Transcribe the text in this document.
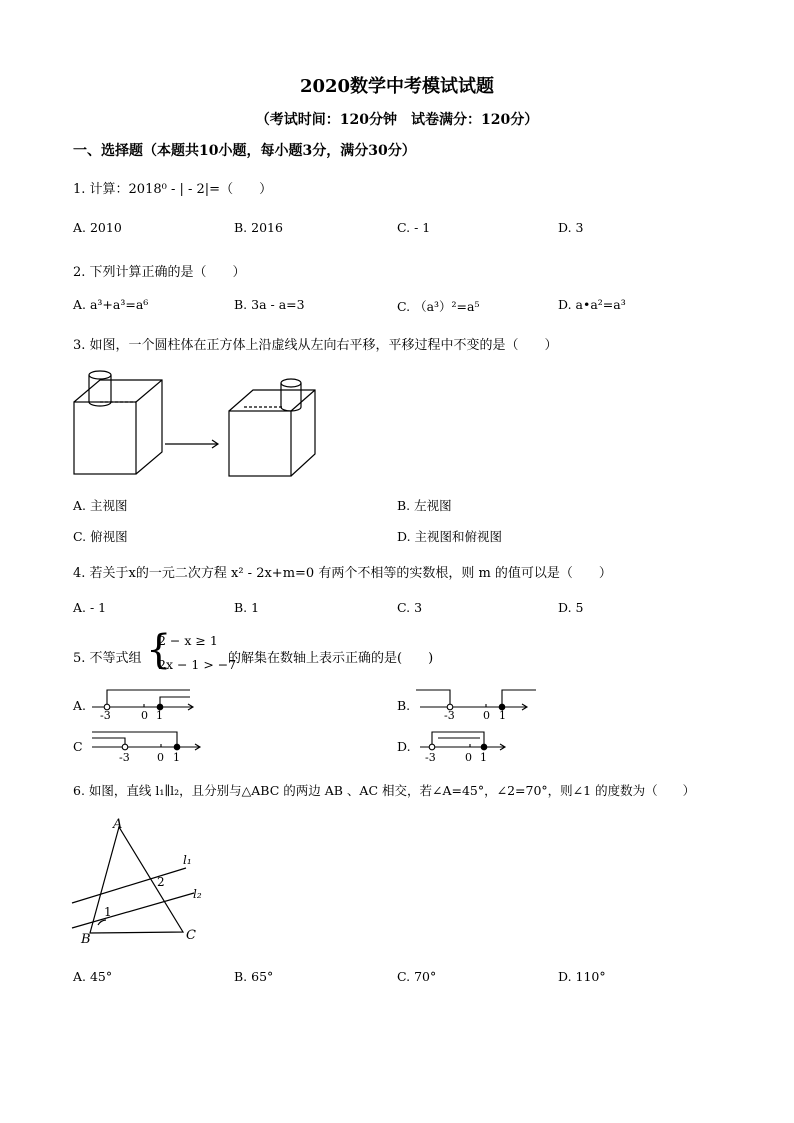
2020数学中考模试试题
（考试时间：120分钟　试卷满分：120分）
一、选择题（本题共10小题，每小题3分，满分30分）
1. 计算：2018⁰ - | - 2|=（　　）
A. 2010	B. 2016	C. - 1	D. 3
2. 下列计算正确的是（　　）
A. a³+a³=a⁶	B. 3a - a=3	C. （a³）²=a⁵	D. a•a²=a³
3. 如图，一个圆柱体在正方体上沿虚线从左向右平移，平移过程中不变的是（　　）
A. 主视图	B. 左视图
C. 俯视图	D. 主视图和俯视图
4. 若关于x的一元二次方程 x² - 2x+m=0 有两个不相等的实数根，则 m 的值可以是（　　）
A. - 1	B. 1	C. 3	D. 5
5. 不等式组 {
2 − x ≥ 1
2x − 1 > −7
的解集在数轴上表示正确的是(　　)
A.
-3	0 1
B.
-3	0 1
C
-3 0 1
D.
-3	0 1
6. 如图，直线 l₁∥l₂，且分别与△ABC 的两边 AB 、AC 相交，若∠A=45°，∠2=70°，则∠1 的度数为（　　）
A
B	C
l₁
l₂
1
2
A. 45°	B. 65°	C. 70°	D. 110°
